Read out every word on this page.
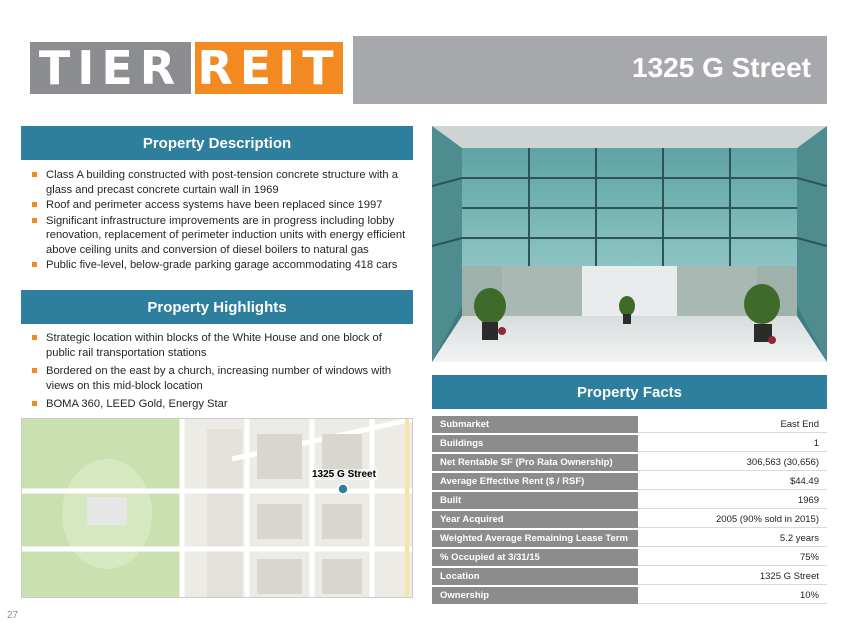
TIER REIT	1325 G Street
Property Description
Class A building constructed with post-tension concrete structure with a glass and precast concrete curtain wall in 1969
Roof and perimeter access systems have been replaced since 1997
Significant infrastructure improvements are in progress including lobby renovation, replacement of perimeter induction units with energy efficient above ceiling units and conversion of diesel boilers to natural gas
Public five-level, below-grade parking garage accommodating 418 cars
Property Highlights
Strategic location within blocks of the White House and one block of public rail transportation stations
Bordered on the east by a church, increasing number of windows with views on this mid-block location
BOMA 360, LEED Gold, Energy Star
1325 G Street
Property Facts
Submarket	East End
Buildings	1
Net Rentable SF (Pro Rata Ownership)	306,563 (30,656)
Average Effective Rent ($ / RSF)	$44.49
Built	1969
Year Acquired	2005 (90% sold in 2015)
Weighted Average Remaining Lease Term	5.2 years
% Occupied at 3/31/15	75%
Location	1325 G Street
Ownership	10%
27
